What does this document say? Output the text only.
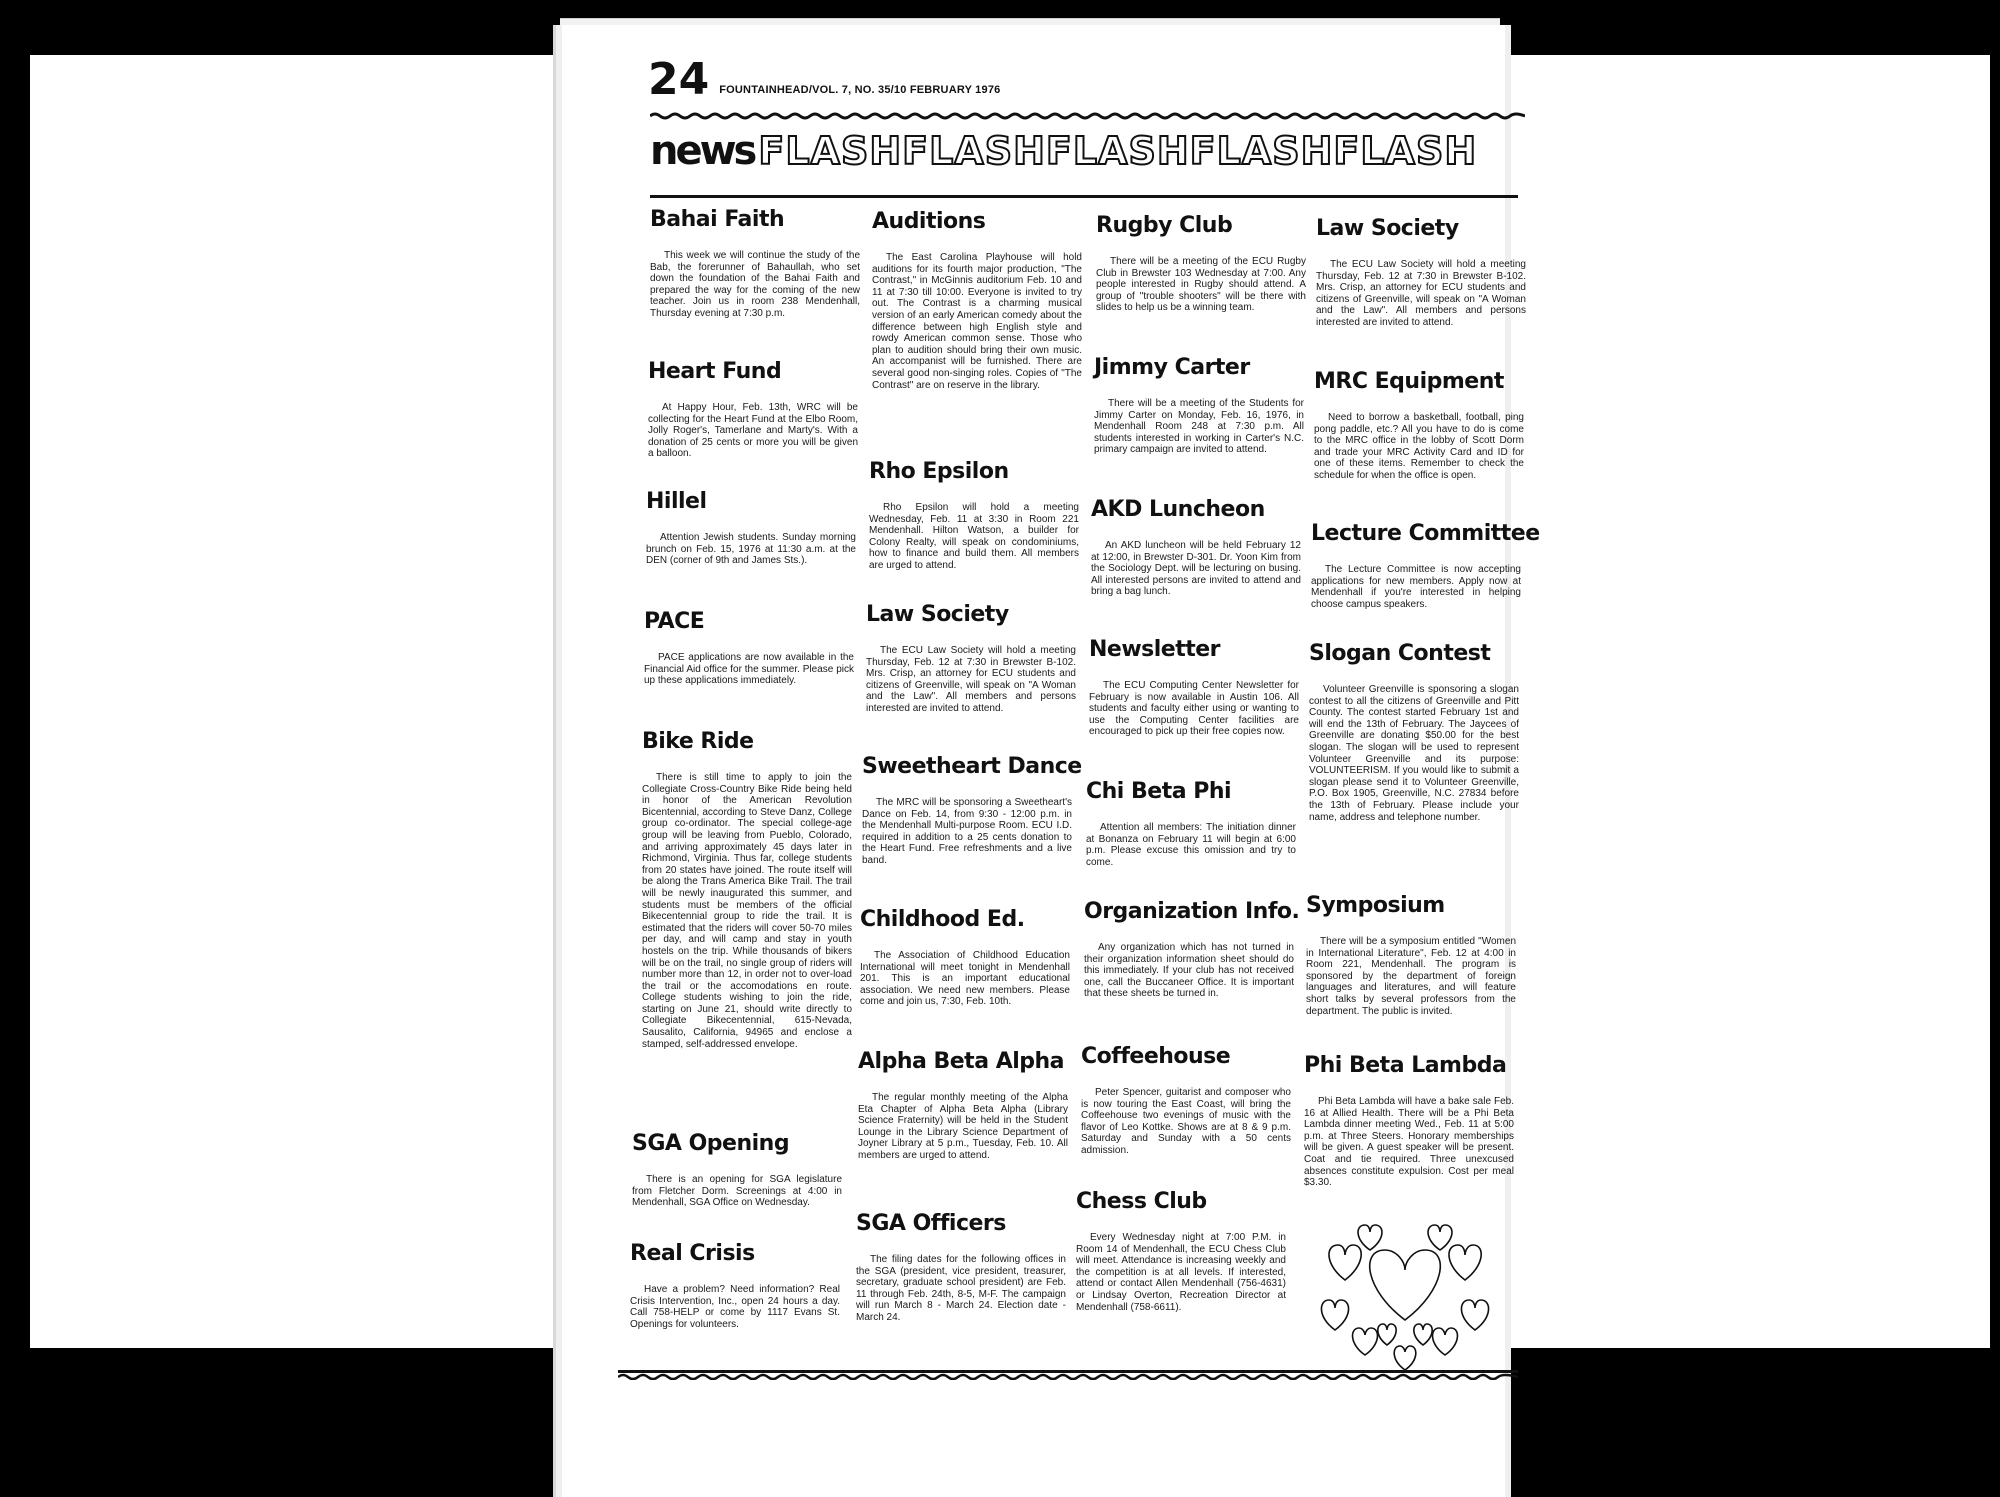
24 FOUNTAINHEAD/VOL. 7, NO. 35/10 FEBRUARY 1976
news FLASHFLASHFLASHFLASHFLASH
Bahai Faith

This week we will continue the study of the Bab, the forerunner of Bahaullah, who set down the foundation of the Bahai Faith and prepared the way for the coming of the new teacher. Join us in room 238 Mendenhall, Thursday evening at 7:30 p.m.

Heart Fund

At Happy Hour, Feb. 13th, WRC will be collecting for the Heart Fund at the Elbo Room, Jolly Roger's, Tamerlane and Marty's. With a donation of 25 cents or more you will be given a balloon.

Hillel

Attention Jewish students. Sunday morning brunch on Feb. 15, 1976 at 11:30 a.m. at the DEN (corner of 9th and James Sts.).

PACE

PACE applications are now available in the Financial Aid office for the summer. Please pick up these applications immediately.

Bike Ride

There is still time to apply to join the Collegiate Cross-Country Bike Ride being held in honor of the American Revolution Bicentennial, according to Steve Danz, College group co-ordinator. The special college-age group will be leaving from Pueblo, Colorado, and arriving approximately 45 days later in Richmond, Virginia. Thus far, college students from 20 states have joined. The route itself will be along the Trans America Bike Trail. The trail will be newly inaugurated this summer, and students must be members of the official Bikecentennial group to ride the trail. It is estimated that the riders will cover 50-70 miles per day, and will camp and stay in youth hostels on the trip. While thousands of bikers will be on the trail, no single group of riders will number more than 12, in order not to over-load the trail or the accomodations en route. College students wishing to join the ride, starting on June 21, should write directly to Collegiate Bikecentennial, 615-Nevada, Sausalito, California, 94965 and enclose a stamped, self-addressed envelope.

SGA Opening

There is an opening for SGA legislature from Fletcher Dorm. Screenings at 4:00 in Mendenhall, SGA Office on Wednesday.

Real Crisis

Have a problem? Need information? Real Crisis Intervention, Inc., open 24 hours a day. Call 758-HELP or come by 1117 Evans St. Openings for volunteers.

Auditions

The East Carolina Playhouse will hold auditions for its fourth major production, "The Contrast," in McGinnis auditorium Feb. 10 and 11 at 7:30 till 10:00. Everyone is invited to try out. The Contrast is a charming musical version of an early American comedy about the difference between high English style and rowdy American common sense. Those who plan to audition should bring their own music. An accompanist will be furnished. There are several good non-singing roles. Copies of "The Contrast" are on reserve in the library.

Rho Epsilon

Rho Epsilon will hold a meeting Wednesday, Feb. 11 at 3:30 in Room 221 Mendenhall. Hilton Watson, a builder for Colony Realty, will speak on condominiums, how to finance and build them. All members are urged to attend.

Law Society

The ECU Law Society will hold a meeting Thursday, Feb. 12 at 7:30 in Brewster B-102. Mrs. Crisp, an attorney for ECU students and citizens of Greenville, will speak on "A Woman and the Law". All members and persons interested are invited to attend.

Sweetheart Dance

The MRC will be sponsoring a Sweetheart's Dance on Feb. 14, from 9:30 - 12:00 p.m. in the Mendenhall Multi-purpose Room. ECU I.D. required in addition to a 25 cents donation to the Heart Fund. Free refreshments and a live band.

Childhood Ed.

The Association of Childhood Education International will meet tonight in Mendenhall 201. This is an important educational association. We need new members. Please come and join us, 7:30, Feb. 10th.

Alpha Beta Alpha

The regular monthly meeting of the Alpha Eta Chapter of Alpha Beta Alpha (Library Science Fraternity) will be held in the Student Lounge in the Library Science Department of Joyner Library at 5 p.m., Tuesday, Feb. 10. All members are urged to attend.

SGA Officers

The filing dates for the following offices in the SGA (president, vice president, treasurer, secretary, graduate school president) are Feb. 11 through Feb. 24th, 8-5, M-F. The campaign will run March 8 - March 24. Election date - March 24.

Rugby Club

There will be a meeting of the ECU Rugby Club in Brewster 103 Wednesday at 7:00. Any people interested in Rugby should attend. A group of "trouble shooters" will be there with slides to help us be a winning team.

Jimmy Carter

There will be a meeting of the Students for Jimmy Carter on Monday, Feb. 16, 1976, in Mendenhall Room 248 at 7:30 p.m. All students interested in working in Carter's N.C. primary campaign are invited to attend.

AKD Luncheon

An AKD luncheon will be held February 12 at 12:00, in Brewster D-301. Dr. Yoon Kim from the Sociology Dept. will be lecturing on busing. All interested persons are invited to attend and bring a bag lunch.

Newsletter

The ECU Computing Center Newsletter for February is now available in Austin 106. All students and faculty either using or wanting to use the Computing Center facilities are encouraged to pick up their free copies now.

Chi Beta Phi

Attention all members: The initiation dinner at Bonanza on February 11 will begin at 6:00 p.m. Please excuse this omission and try to come.

Organization Info.

Any organization which has not turned in their organization information sheet should do this immediately. If your club has not received one, call the Buccaneer Office. It is important that these sheets be turned in.

Coffeehouse

Peter Spencer, guitarist and composer who is now touring the East Coast, will bring the Coffeehouse two evenings of music with the flavor of Leo Kottke. Shows are at 8 & 9 p.m. Saturday and Sunday with a 50 cents admission.

Chess Club

Every Wednesday night at 7:00 P.M. in Room 14 of Mendenhall, the ECU Chess Club will meet. Attendance is increasing weekly and the competition is at all levels. If interested, attend or contact Allen Mendenhall (756-4631) or Lindsay Overton, Recreation Director at Mendenhall (758-6611).

Law Society

The ECU Law Society will hold a meeting Thursday, Feb. 12 at 7:30 in Brewster B-102. Mrs. Crisp, an attorney for ECU students and citizens of Greenville, will speak on "A Woman and the Law". All members and persons interested are invited to attend.

MRC Equipment

Need to borrow a basketball, football, ping pong paddle, etc.? All you have to do is come to the MRC office in the lobby of Scott Dorm and trade your MRC Activity Card and ID for one of these items. Remember to check the schedule for when the office is open.

Lecture Committee

The Lecture Committee is now accepting applications for new members. Apply now at Mendenhall if you're interested in helping choose campus speakers.

Slogan Contest

Volunteer Greenville is sponsoring a slogan contest to all the citizens of Greenville and Pitt County. The contest started February 1st and will end the 13th of February. The Jaycees of Greenville are donating $50.00 for the best slogan. The slogan will be used to represent Volunteer Greenville and its purpose: VOLUNTEERISM. If you would like to submit a slogan please send it to Volunteer Greenville, P.O. Box 1905, Greenville, N.C. 27834 before the 13th of February. Please include your name, address and telephone number.

Symposium

There will be a symposium entitled "Women in International Literature", Feb. 12 at 4:00 in Room 221, Mendenhall. The program is sponsored by the department of foreign languages and literatures, and will feature short talks by several professors from the department. The public is invited.

Phi Beta Lambda

Phi Beta Lambda will have a bake sale Feb. 16 at Allied Health. There will be a Phi Beta Lambda dinner meeting Wed., Feb. 11 at 5:00 p.m. at Three Steers. Honorary memberships will be given. A guest speaker will be present. Coat and tie required. Three unexcused absences constitute expulsion. Cost per meal $3.30.
